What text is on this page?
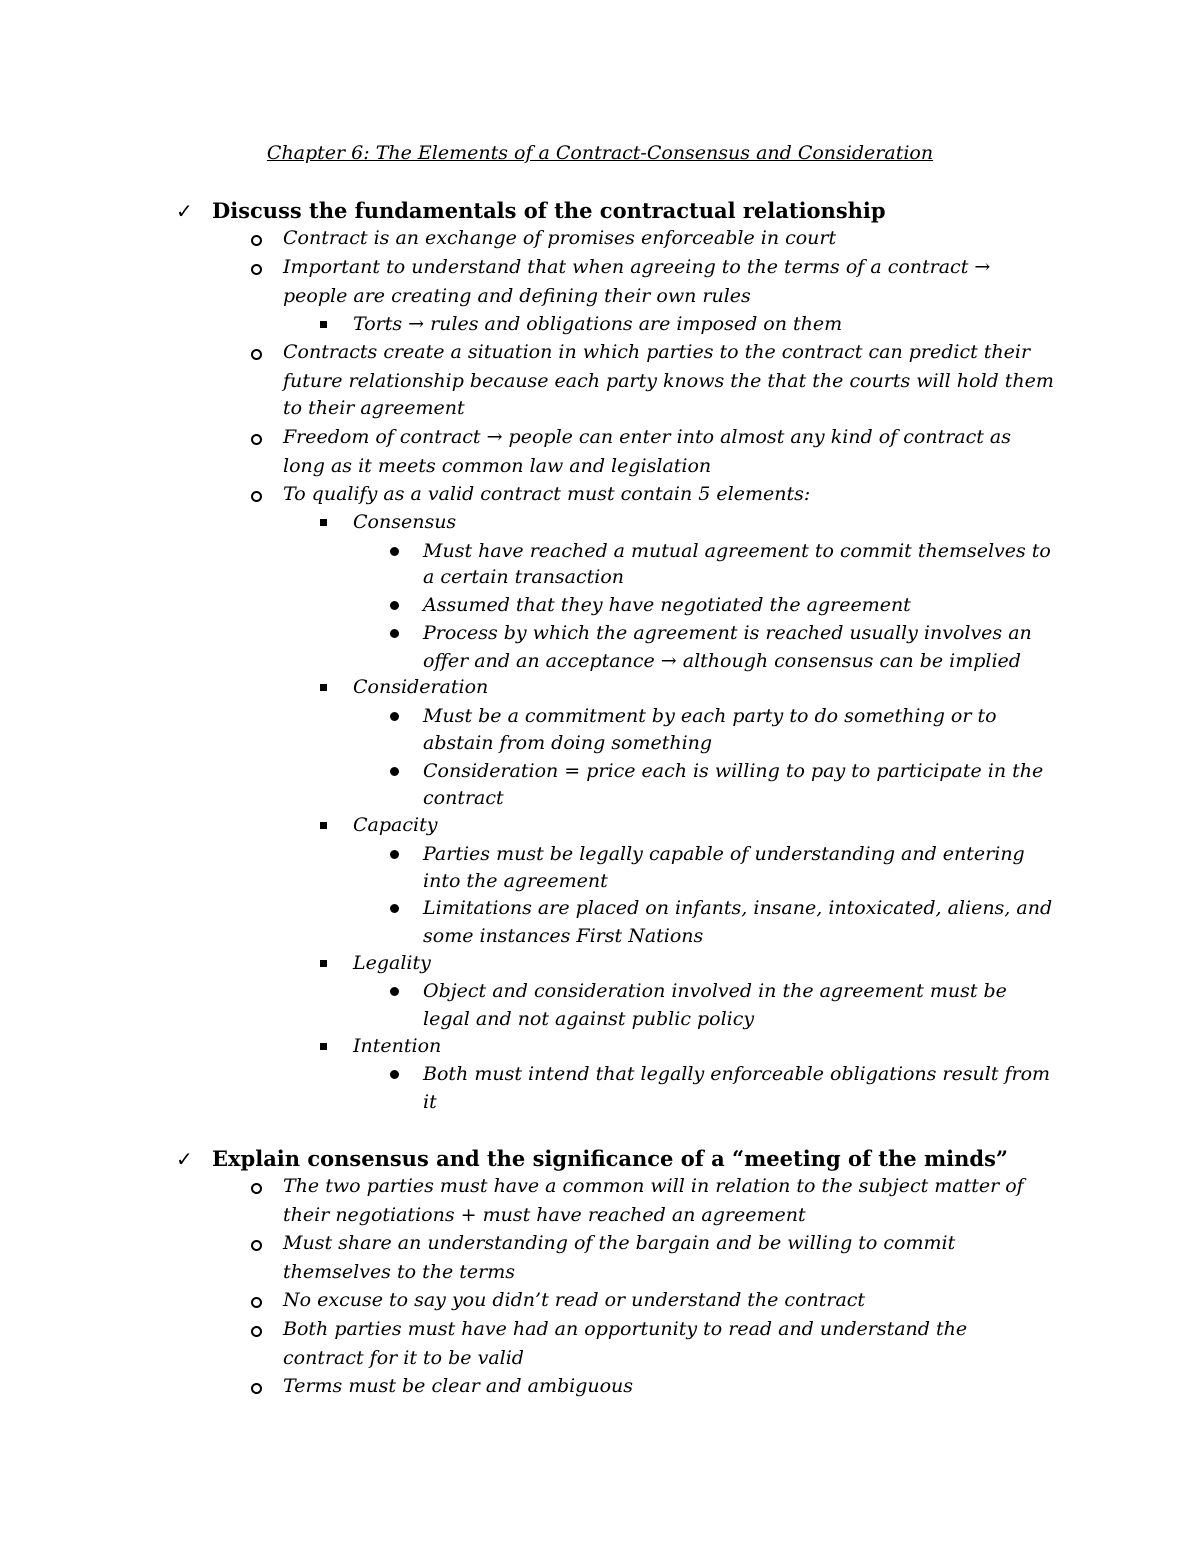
Chapter 6: The Elements of a Contract-Consensus and Consideration
✓ Discuss the fundamentals of the contractual relationship
Contract is an exchange of promises enforceable in court
Important to understand that when agreeing to the terms of a contract →
people are creating and defining their own rules
Torts → rules and obligations are imposed on them
Contracts create a situation in which parties to the contract can predict their
future relationship because each party knows the that the courts will hold them
to their agreement
Freedom of contract → people can enter into almost any kind of contract as
long as it meets common law and legislation
To qualify as a valid contract must contain 5 elements:
Consensus
Must have reached a mutual agreement to commit themselves to
a certain transaction
Assumed that they have negotiated the agreement
Process by which the agreement is reached usually involves an
offer and an acceptance → although consensus can be implied
Consideration
Must be a commitment by each party to do something or to
abstain from doing something
Consideration = price each is willing to pay to participate in the
contract
Capacity
Parties must be legally capable of understanding and entering
into the agreement
Limitations are placed on infants, insane, intoxicated, aliens, and
some instances First Nations
Legality
Object and consideration involved in the agreement must be
legal and not against public policy
Intention
Both must intend that legally enforceable obligations result from
it
✓ Explain consensus and the significance of a “meeting of the minds”
The two parties must have a common will in relation to the subject matter of
their negotiations + must have reached an agreement
Must share an understanding of the bargain and be willing to commit
themselves to the terms
No excuse to say you didn’t read or understand the contract
Both parties must have had an opportunity to read and understand the
contract for it to be valid
Terms must be clear and ambiguous
